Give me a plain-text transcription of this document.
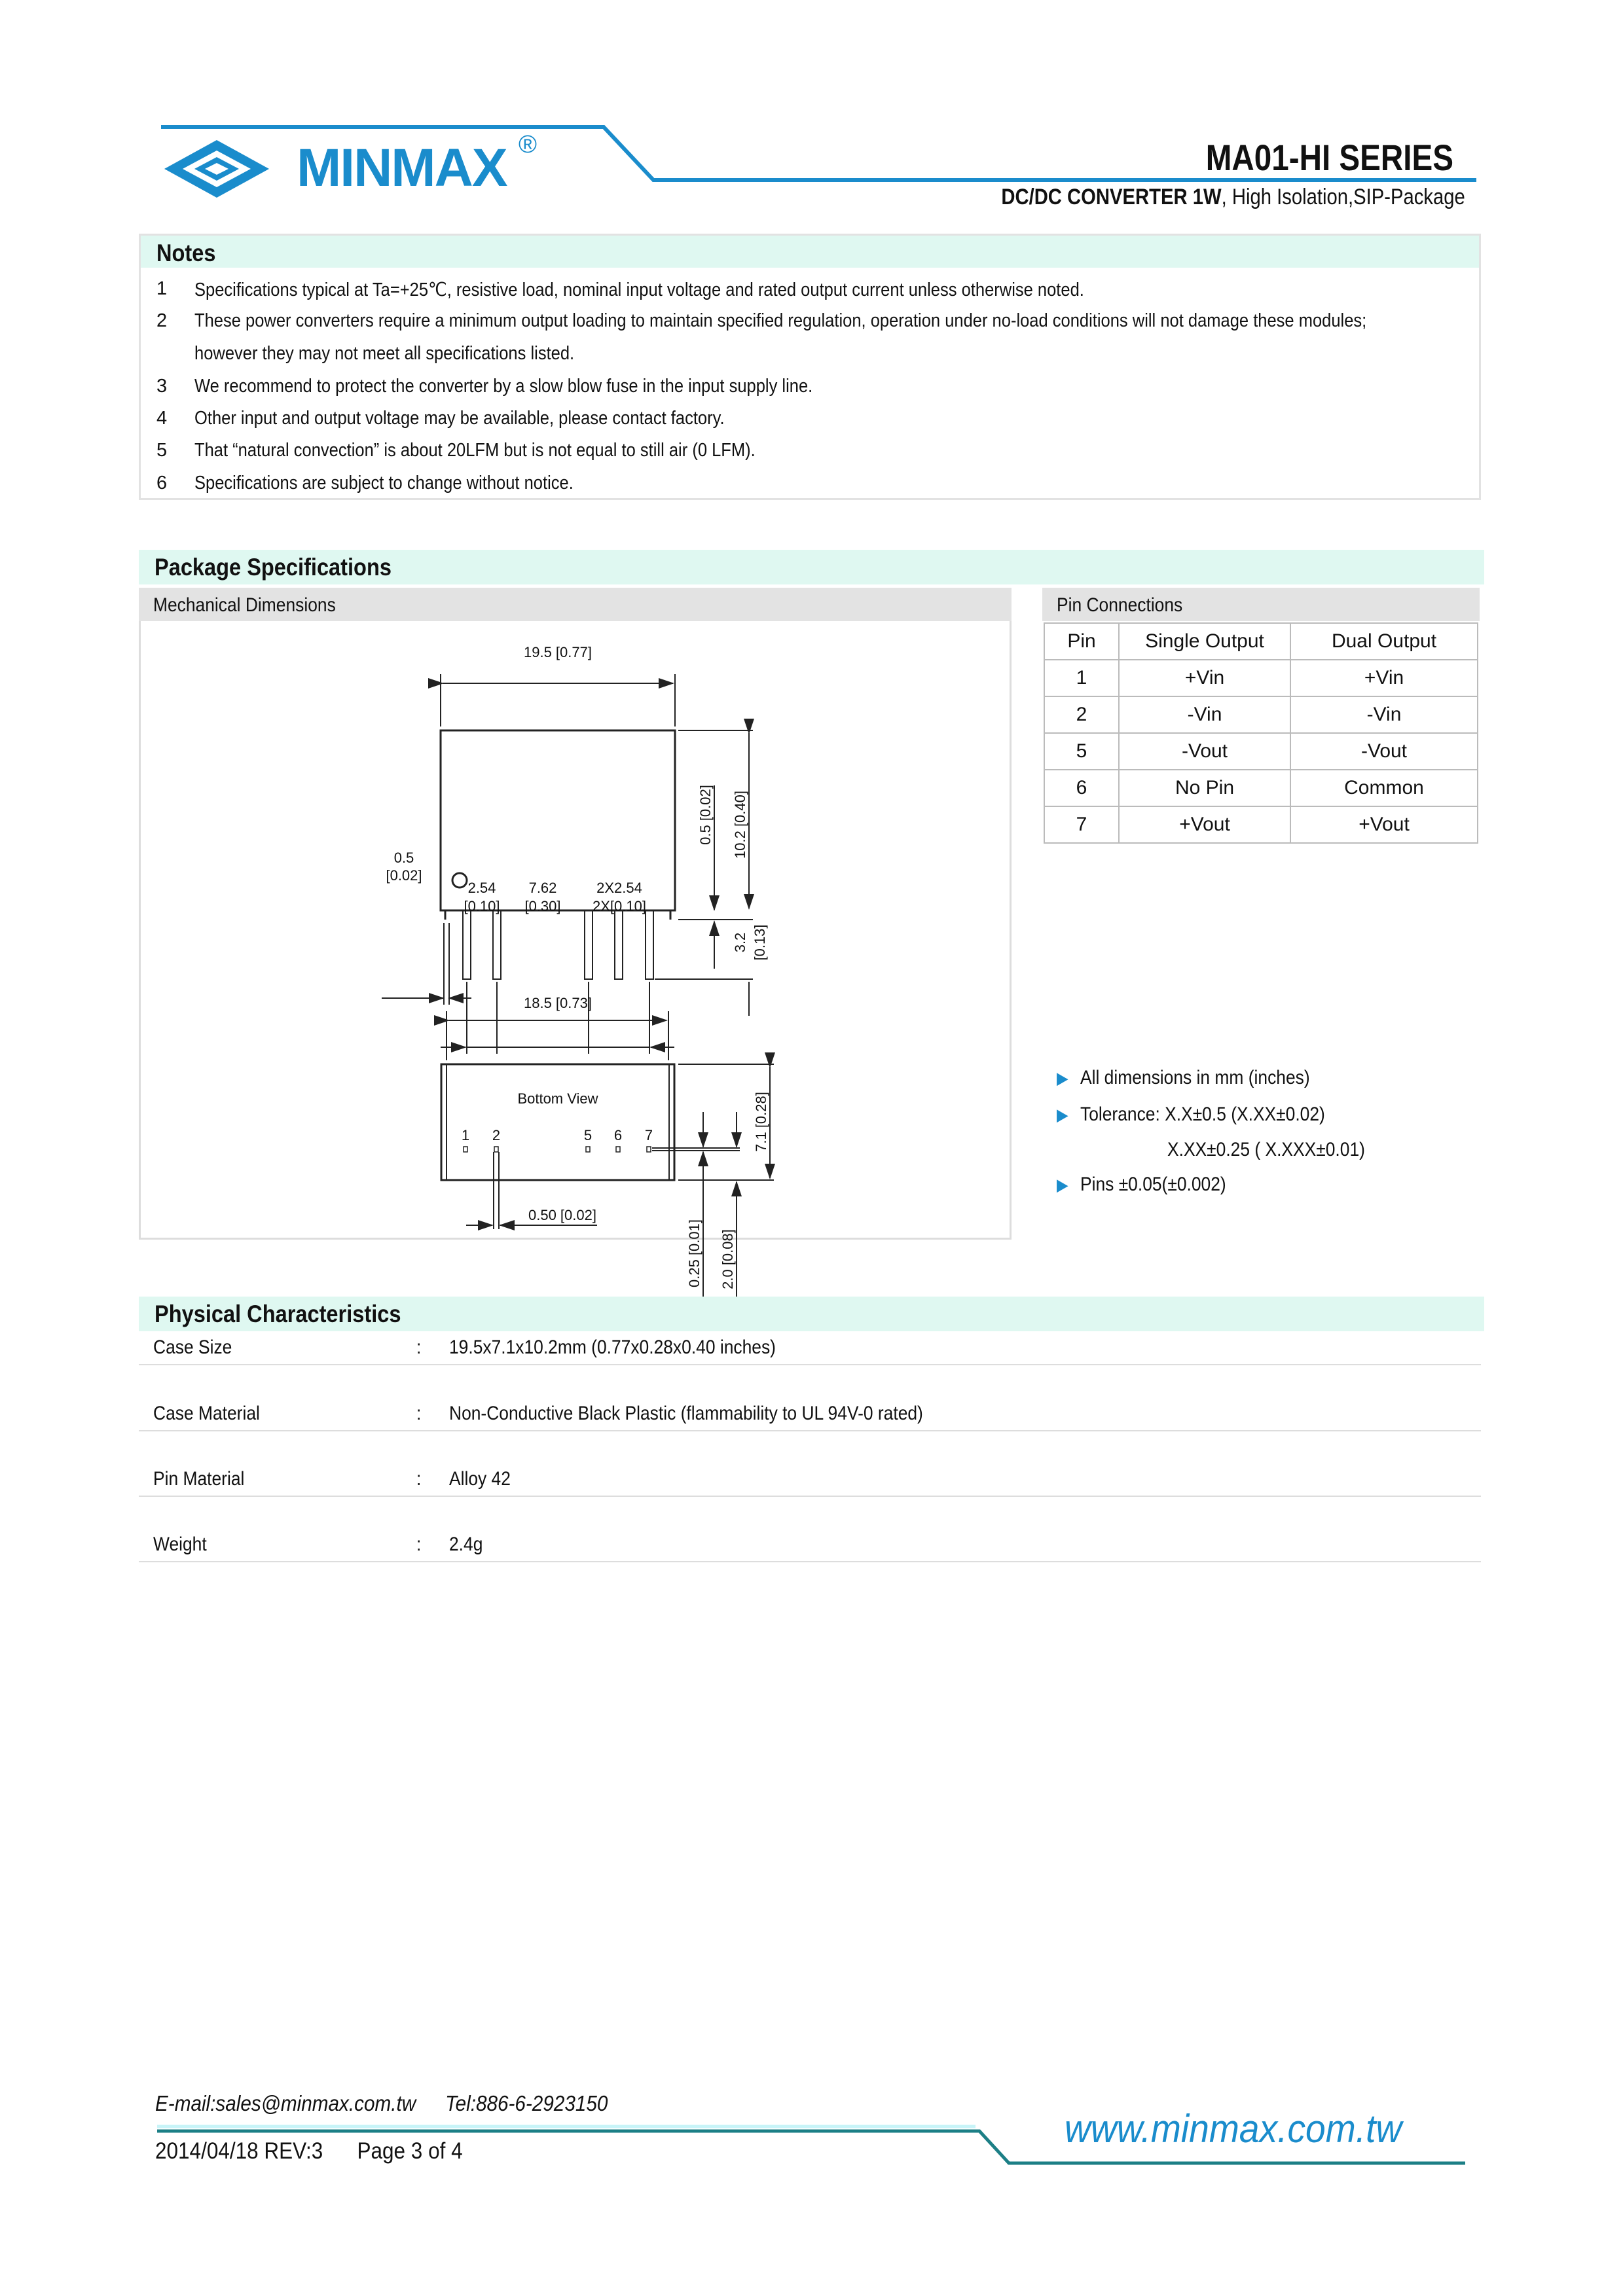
MINMAX ®	MA01-HI SERIES
DC/DC CONVERTER 1W, High Isolation,SIP-Package
Notes
1 Specifications typical at Ta=+25℃, resistive load, nominal input voltage and rated output current unless otherwise noted.
2 These power converters require a minimum output loading to maintain specified regulation, operation under no-load conditions will not damage these modules;
however they may not meet all specifications listed.
3 We recommend to protect the converter by a slow blow fuse in the input supply line.
4 Other input and output voltage may be available, please contact factory.
5 That “natural convection” is about 20LFM but is not equal to still air (0 LFM).
6 Specifications are subject to change without notice.
Package Specifications
Mechanical Dimensions	Pin Connections
19.5 [0.77]
10.2 [0.40]
0.5 [0.02]
3.2 [0.13]
0.5
[0.02]
2.54
[0.10]
7.62
[0.30]
2X2.54
2X[0.10]
1 2	5 6 7
18.5 [0.73]
Bottom View	7.1 [0.28]
0.50 [0.02]
0.25 [0.01] 2.0 [0.08]
Pin	Single Output	Dual Output
1	+Vin	+Vin
2	-Vin	-Vin
5	-Vout	-Vout
6	No Pin	Common
7	+Vout	+Vout
▶ All dimensions in mm (inches)
▶ Tolerance: X.X±0.5 (X.XX±0.02)
X.XX±0.25 ( X.XXX±0.01)
▶ Pins ±0.05(±0.002)
Physical Characteristics
Case Size	: 19.5x7.1x10.2mm (0.77x0.28x0.40 inches)
Case Material	: Non-Conductive Black Plastic (flammability to UL 94V-0 rated)
Pin Material	: Alloy 42
Weight	: 2.4g
E-mail:sales@minmax.com.tw Tel:886-6-2923150
2014/04/18 REV:3 Page 3 of 4
www.minmax.com.tw
